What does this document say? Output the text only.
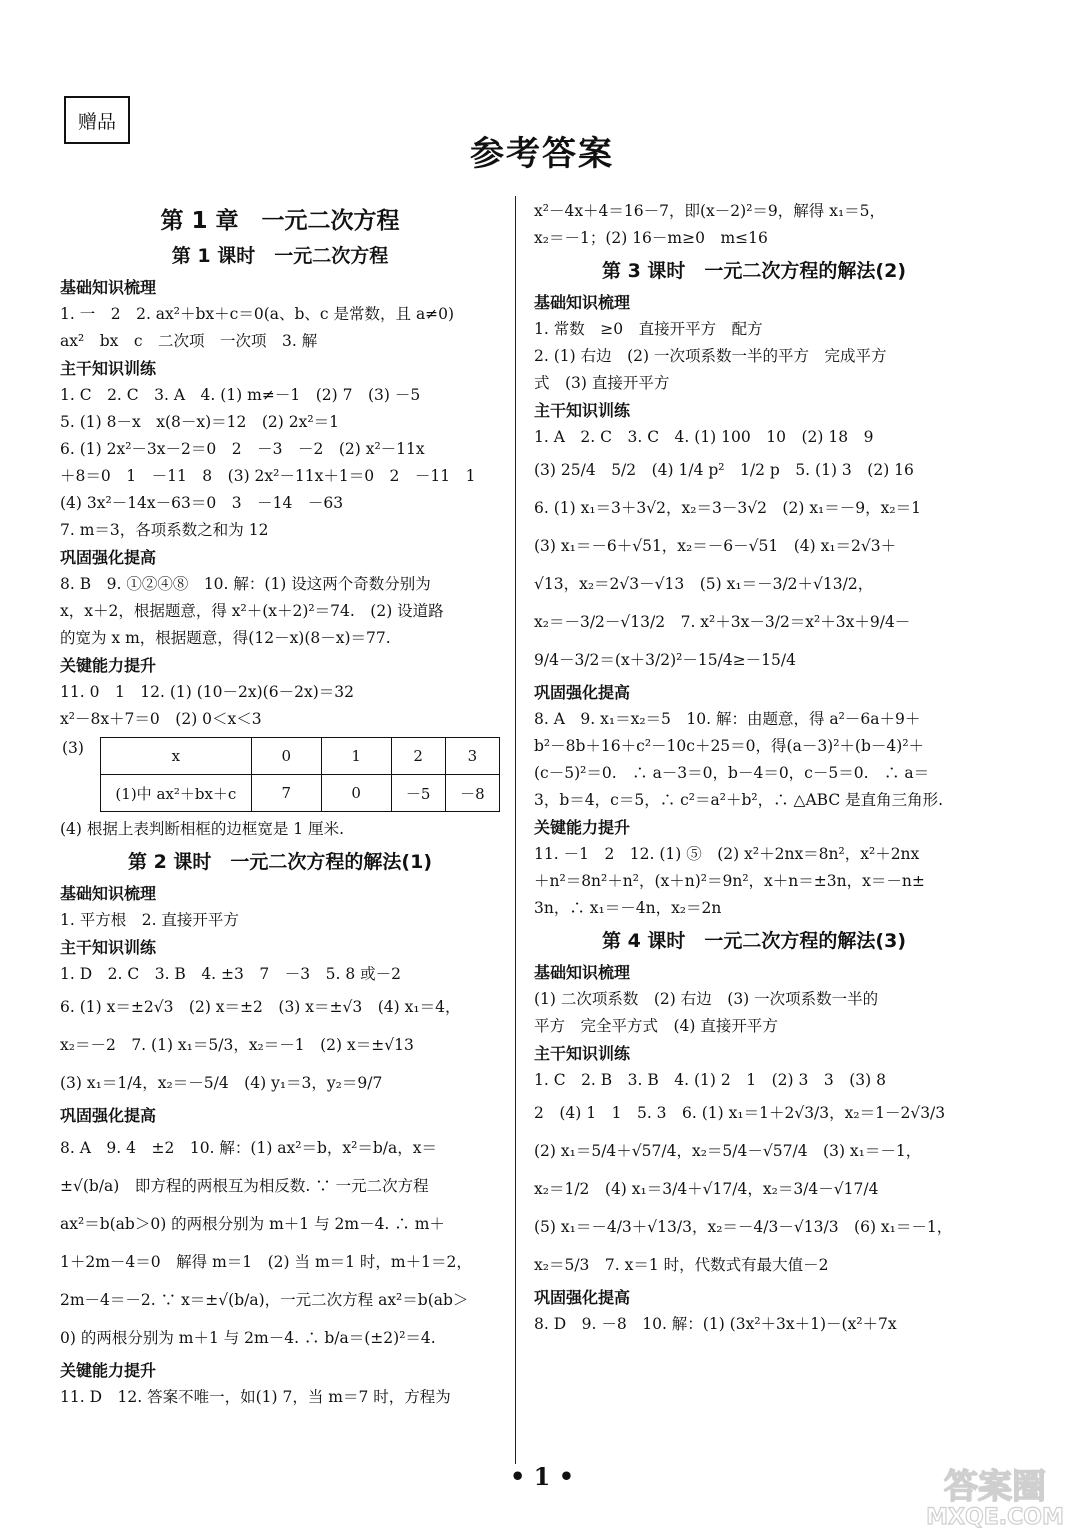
赠品
参考答案
第 1 章　一元二次方程
第 1 课时　一元二次方程
基础知识梳理
1. 一　2　2. ax²＋bx＋c＝0(a、b、c 是常数，且 a≠0)
ax²　bx　c　二次项　一次项　3. 解
主干知识训练
1. C　2. C　3. A　4. (1) m≠－1　(2) 7　(3) －5
5. (1) 8－x　x(8－x)＝12　(2) 2x²＝1
6. (1) 2x²－3x－2＝0　2　－3　－2　(2) x²－11x
＋8＝0　1　－11　8　(3) 2x²－11x＋1＝0　2　－11　1
(4) 3x²－14x－63＝0　3　－14　－63
7. m＝3，各项系数之和为 12
巩固强化提高
8. B　9. ①②④⑧　10. 解：(1) 设这两个奇数分别为
x，x＋2，根据题意，得 x²＋(x＋2)²＝74.　(2) 设道路
的宽为 x m，根据题意，得(12－x)(8－x)＝77.
关键能力提升
11. 0　1　12. (1) (10－2x)(6－2x)＝32
x²－8x＋7＝0　(2) 0＜x＜3
(3)	x	0	1	2	3
(1)中 ax²＋bx＋c	7	0	－5	－8
(4) 根据上表判断相框的边框宽是 1 厘米.
第 2 课时　一元二次方程的解法(1)
基础知识梳理
1. 平方根　2. 直接开平方
主干知识训练
1. D　2. C　3. B　4. ±3　7　－3　5. 8 或－2
6. (1) x＝±2√3　(2) x＝±2　(3) x＝±√3　(4) x₁＝4，
x₂＝－2　7. (1) x₁＝5/3，x₂＝－1　(2) x＝±√13
(3) x₁＝1/4，x₂＝－5/4　(4) y₁＝3，y₂＝9/7
巩固强化提高
8. A　9. 4　±2　10. 解：(1) ax²＝b，x²＝b/a，x＝
±√(b/a)　即方程的两根互为相反数. ∵ 一元二次方程
ax²＝b(ab＞0) 的两根分别为 m＋1 与 2m－4. ∴ m＋
1＋2m－4＝0　解得 m＝1　(2) 当 m＝1 时，m＋1＝2，
2m－4＝－2. ∵ x＝±√(b/a)，一元二次方程 ax²＝b(ab＞
0) 的两根分别为 m＋1 与 2m－4. ∴ b/a＝(±2)²＝4.
关键能力提升
11. D　12. 答案不唯一，如(1) 7，当 m＝7 时，方程为
x²－4x＋4＝16－7，即(x－2)²＝9，解得 x₁＝5，
x₂＝－1；(2) 16－m≥0　m≤16
第 3 课时　一元二次方程的解法(2)
基础知识梳理
1. 常数　≥0　直接开平方　配方
2. (1) 右边　(2) 一次项系数一半的平方　完成平方
式　(3) 直接开平方
主干知识训练
1. A　2. C　3. C　4. (1) 100　10　(2) 18　9
(3) 25/4　5/2　(4) 1/4 p²　1/2 p　5. (1) 3　(2) 16
6. (1) x₁＝3＋3√2，x₂＝3－3√2　(2) x₁＝－9，x₂＝1
(3) x₁＝－6＋√51，x₂＝－6－√51　(4) x₁＝2√3＋
√13，x₂＝2√3－√13　(5) x₁＝－3/2＋√13/2，
x₂＝－3/2－√13/2　7. x²＋3x－3/2＝x²＋3x＋9/4－
9/4－3/2＝(x＋3/2)²－15/4≥－15/4
巩固强化提高
8. A　9. x₁＝x₂＝5　10. 解：由题意，得 a²－6a＋9＋
b²－8b＋16＋c²－10c＋25＝0，得(a－3)²＋(b－4)²＋
(c－5)²＝0.　∴ a－3＝0，b－4＝0，c－5＝0.　∴ a＝
3，b＝4，c＝5，∴ c²＝a²＋b²，∴ △ABC 是直角三角形.
关键能力提升
11. －1　2　12. (1) ⑤　(2) x²＋2nx＝8n²，x²＋2nx
＋n²＝8n²＋n²，(x＋n)²＝9n²，x＋n＝±3n，x＝－n±
3n，∴ x₁＝－4n，x₂＝2n
第 4 课时　一元二次方程的解法(3)
基础知识梳理
(1) 二次项系数　(2) 右边　(3) 一次项系数一半的
平方　完全平方式　(4) 直接开平方
主干知识训练
1. C　2. B　3. B　4. (1) 2　1　(2) 3　3　(3) 8
2　(4) 1　1　5. 3　6. (1) x₁＝1＋2√3/3，x₂＝1－2√3/3
(2) x₁＝5/4＋√57/4，x₂＝5/4－√57/4　(3) x₁＝－1，
x₂＝1/2　(4) x₁＝3/4＋√17/4，x₂＝3/4－√17/4
(5) x₁＝－4/3＋√13/3，x₂＝－4/3－√13/3　(6) x₁＝－1，
x₂＝5/3　7. x＝1 时，代数式有最大值－2
巩固强化提高
8. D　9. －8　10. 解：(1) (3x²＋3x＋1)－(x²＋7x
• 1 •	答案圈
MXQE.COM
